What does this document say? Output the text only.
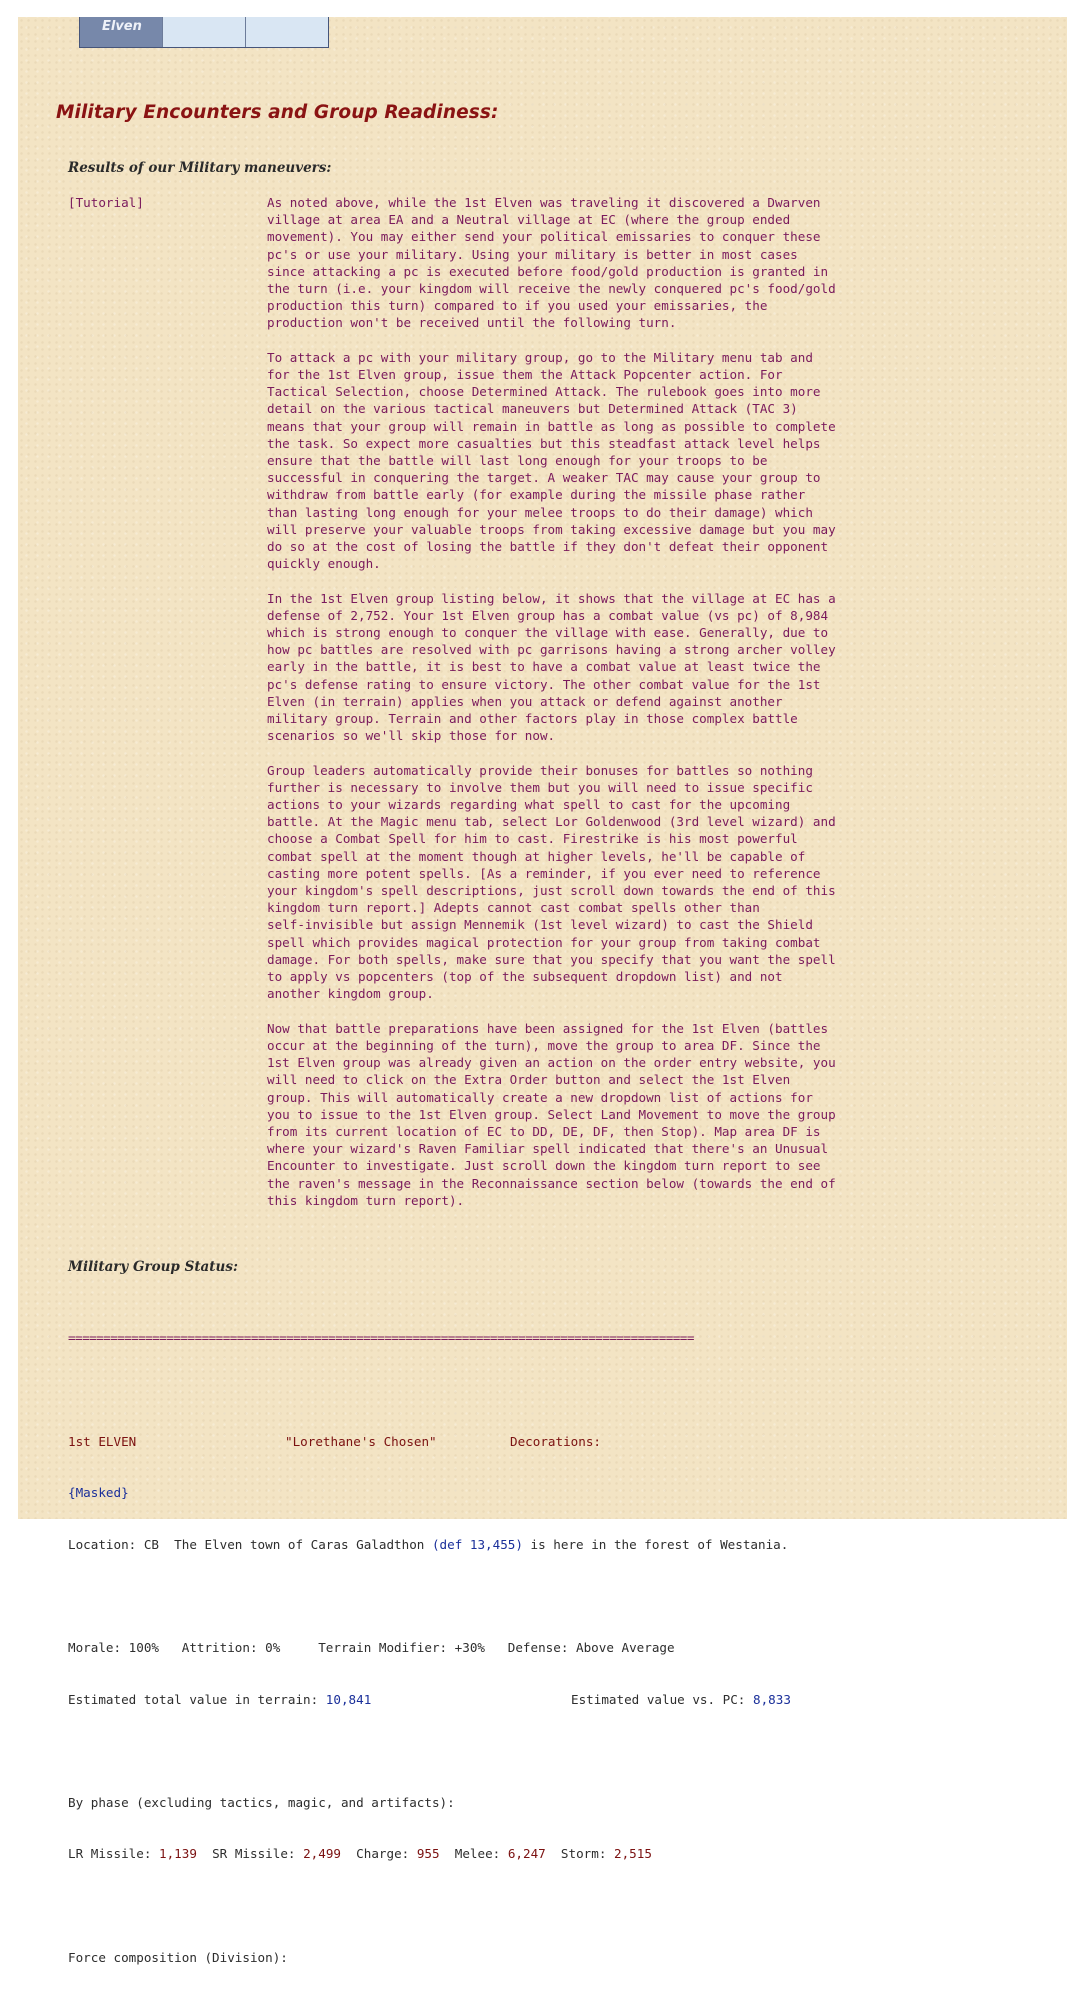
Elven
Military Encounters and Group Readiness:
Results of our Military maneuvers:
[Tutorial]	As noted above, while the 1st Elven was traveling it discovered a Dwarven
village at area EA and a Neutral village at EC (where the group ended
movement). You may either send your political emissaries to conquer these
pc's or use your military. Using your military is better in most cases
since attacking a pc is executed before food/gold production is granted in
the turn (i.e. your kingdom will receive the newly conquered pc's food/gold
production this turn) compared to if you used your emissaries, the
production won't be received until the following turn.

To attack a pc with your military group, go to the Military menu tab and
for the 1st Elven group, issue them the Attack Popcenter action. For
Tactical Selection, choose Determined Attack. The rulebook goes into more
detail on the various tactical maneuvers but Determined Attack (TAC 3)
means that your group will remain in battle as long as possible to complete
the task. So expect more casualties but this steadfast attack level helps
ensure that the battle will last long enough for your troops to be
successful in conquering the target. A weaker TAC may cause your group to
withdraw from battle early (for example during the missile phase rather
than lasting long enough for your melee troops to do their damage) which
will preserve your valuable troops from taking excessive damage but you may
do so at the cost of losing the battle if they don't defeat their opponent
quickly enough.

In the 1st Elven group listing below, it shows that the village at EC has a
defense of 2,752. Your 1st Elven group has a combat value (vs pc) of 8,984
which is strong enough to conquer the village with ease. Generally, due to
how pc battles are resolved with pc garrisons having a strong archer volley
early in the battle, it is best to have a combat value at least twice the
pc's defense rating to ensure victory. The other combat value for the 1st
Elven (in terrain) applies when you attack or defend against another
military group. Terrain and other factors play in those complex battle
scenarios so we'll skip those for now.

Group leaders automatically provide their bonuses for battles so nothing
further is necessary to involve them but you will need to issue specific
actions to your wizards regarding what spell to cast for the upcoming
battle. At the Magic menu tab, select Lor Goldenwood (3rd level wizard) and
choose a Combat Spell for him to cast. Firestrike is his most powerful
combat spell at the moment though at higher levels, he'll be capable of
casting more potent spells. [As a reminder, if you ever need to reference
your kingdom's spell descriptions, just scroll down towards the end of this
kingdom turn report.] Adepts cannot cast combat spells other than
self-invisible but assign Mennemik (1st level wizard) to cast the Shield
spell which provides magical protection for your group from taking combat
damage. For both spells, make sure that you specify that you want the spell
to apply vs popcenters (top of the subsequent dropdown list) and not
another kingdom group.

Now that battle preparations have been assigned for the 1st Elven (battles
occur at the beginning of the turn), move the group to area DF. Since the
1st Elven group was already given an action on the order entry website, you
will need to click on the Extra Order button and select the 1st Elven
group. This will automatically create a new dropdown list of actions for
you to issue to the 1st Elven group. Select Land Movement to move the group
from its current location of EC to DD, DE, DF, then Stop). Map area DF is
where your wizard's Raven Familiar spell indicated that there's an Unusual
Encounter to investigate. Just scroll down the kingdom turn report to see
the raven's message in the Reconnaissance section below (towards the end of
this kingdom turn report).

Military Group Status:

=========================================================================================

1st ELVEN	"Lorethane's Chosen"	Decorations:

{Masked}

Location: CB  The Elven town of Caras Galadthon (def 13,455) is here in the forest of Westania.

Morale: 100%   Attrition: 0%     Terrain Modifier: +30%   Defense: Above Average

Estimated total value in terrain: 10,841	Estimated value vs. PC: 8,833

By phase (excluding tactics, magic, and artifacts):

LR Missile: 1,139  SR Missile: 2,499  Charge: 955  Melee: 6,247  Storm: 2,515

Force composition (Division):
